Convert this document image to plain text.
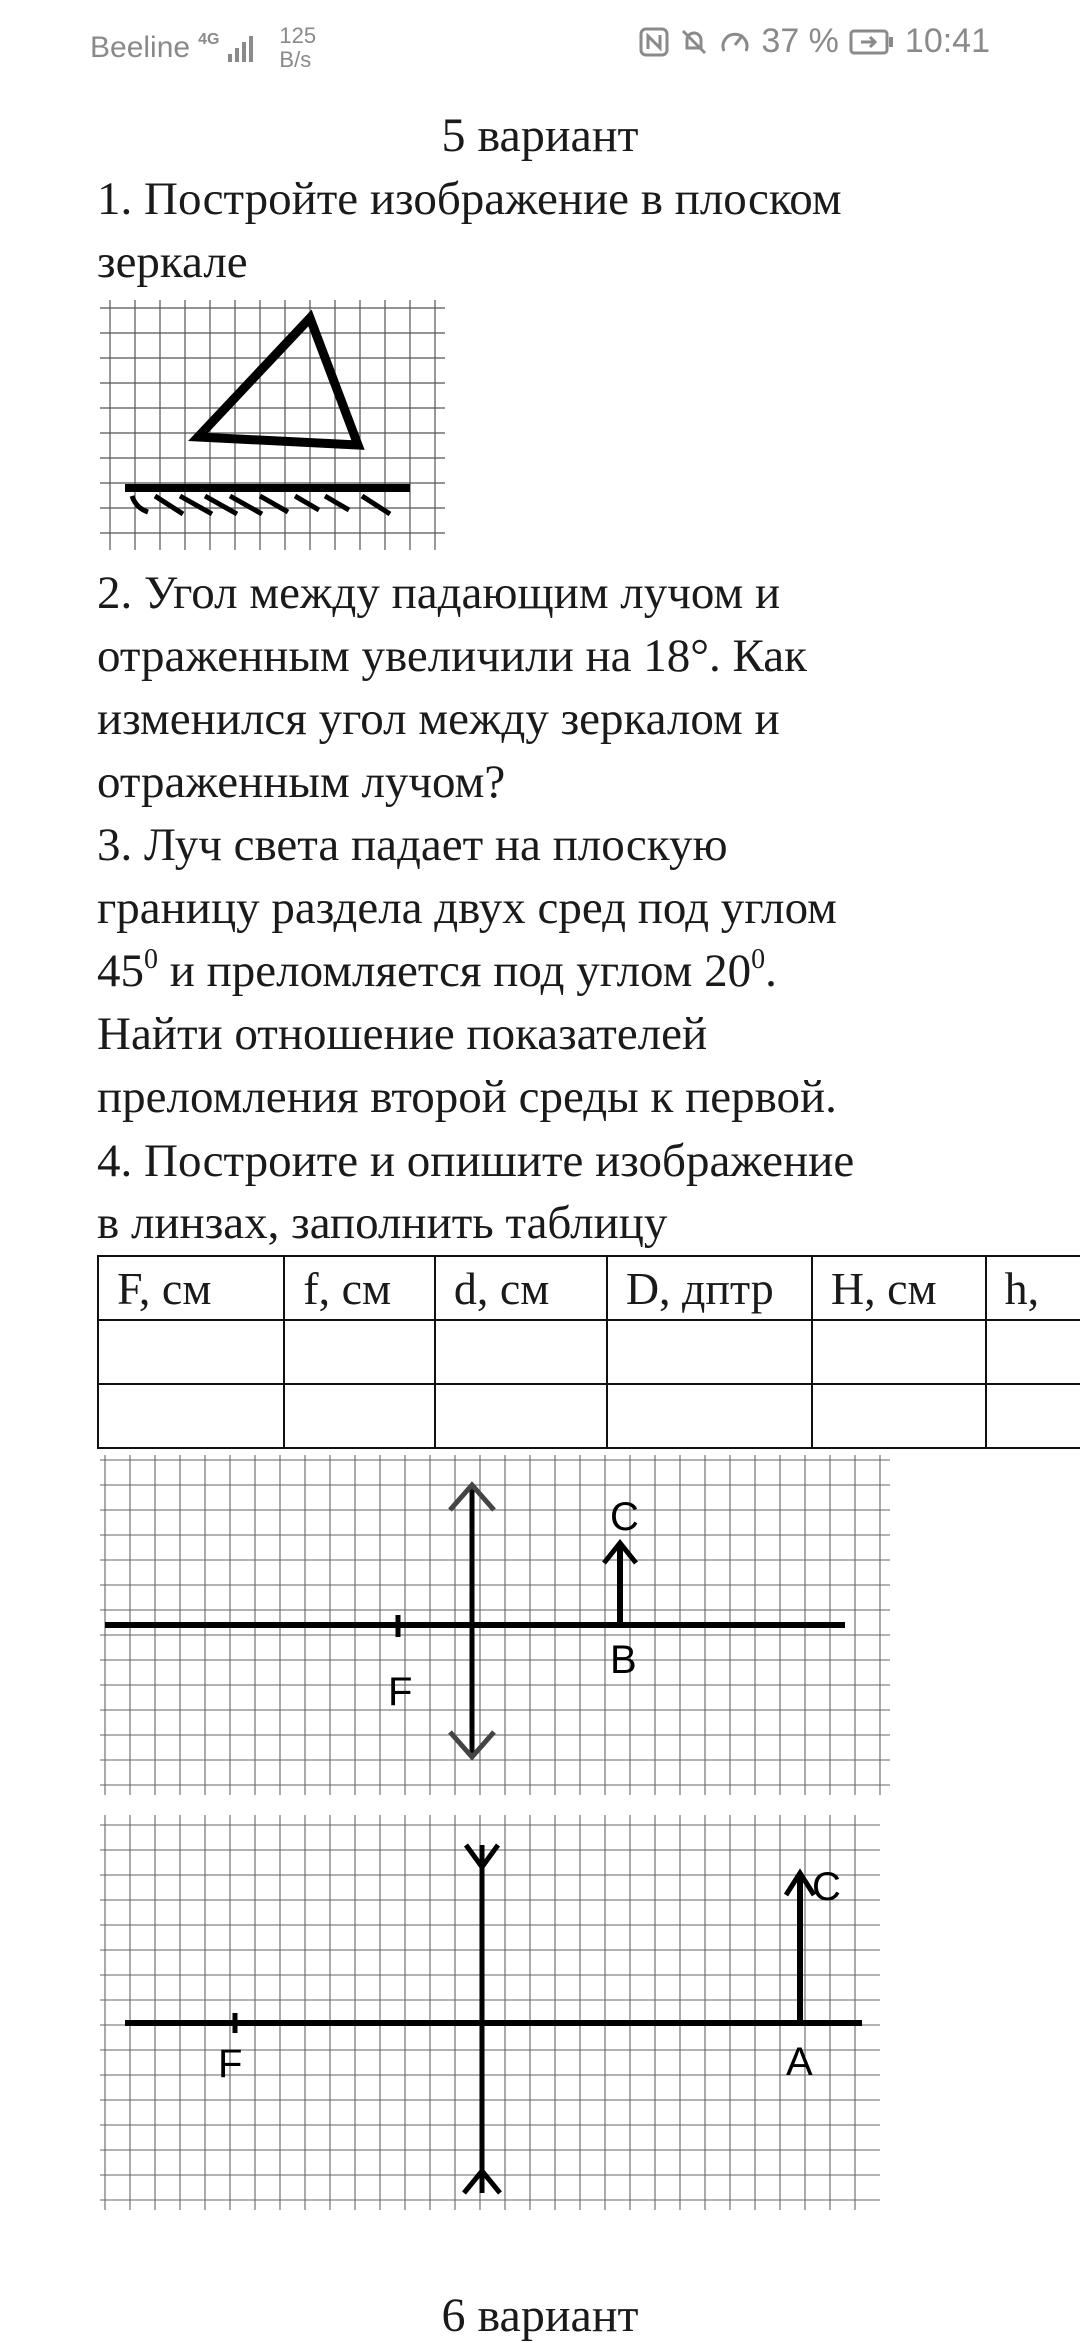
Beeline 4G	125
B/s	37 % 10:41
5 вариант
1. Постройте изображение в плоском
зеркале
2. Угол между падающим лучом и
отраженным увеличили на 18°. Как
изменился угол между зеркалом и
отраженным лучом?
3. Луч света падает на плоскую
границу раздела двух сред под углом
$45^0$ и преломляется под углом $20^0$.
Найти отношение показателей
преломления второй среды к первой.
4. Построите и опишите изображение
в линзах, заполнить таблицу
F, см	f, см	d, см	D, дптр	H, см	h,

F
C
B
F
C
A
6 вариант
